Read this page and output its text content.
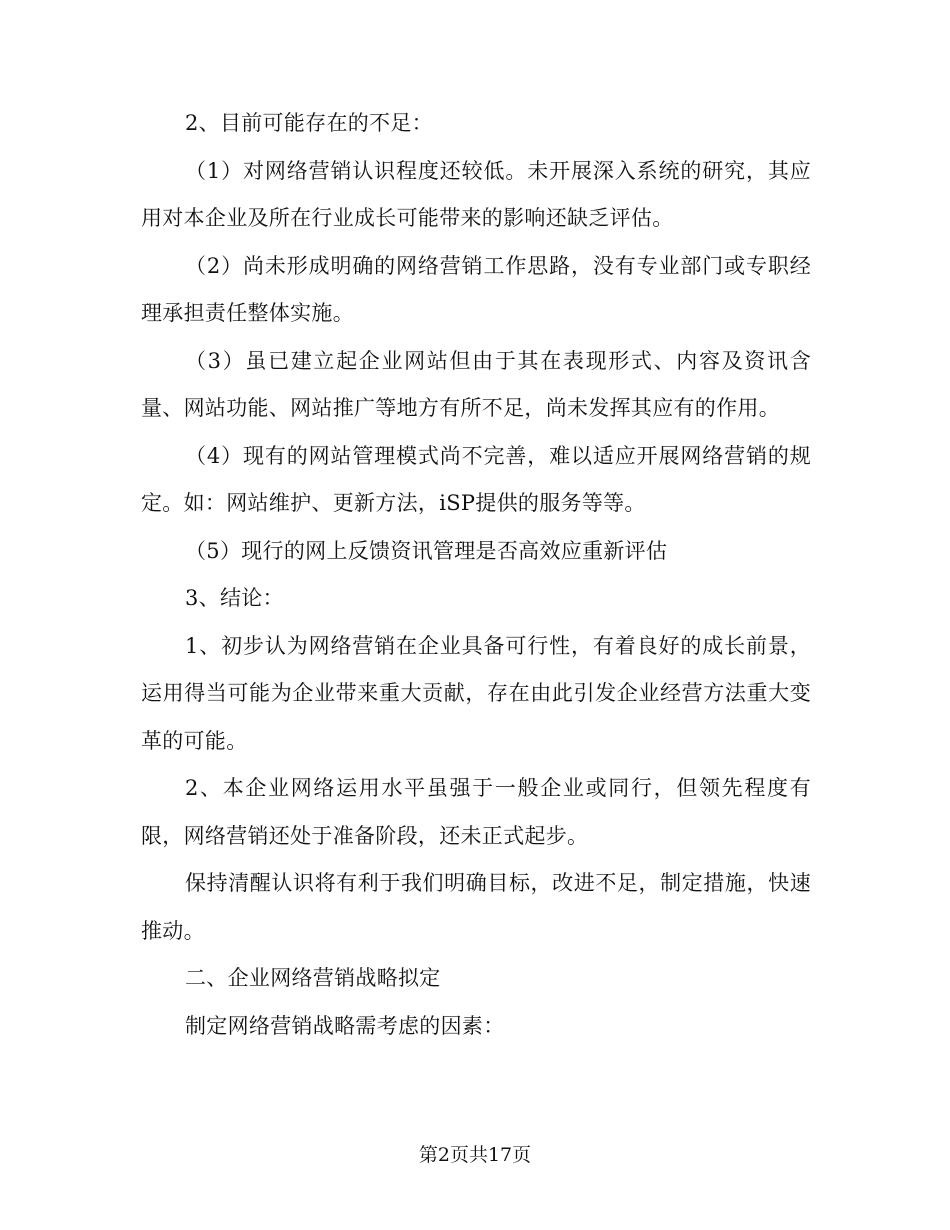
2、目前可能存在的不足：

（1）对网络营销认识程度还较低。未开展深入系统的研究，其应用对本企业及所在行业成长可能带来的影响还缺乏评估。

（2）尚未形成明确的网络营销工作思路，没有专业部门或专职经理承担责任整体实施。

（3）虽已建立起企业网站但由于其在表现形式、内容及资讯含量、网站功能、网站推广等地方有所不足，尚未发挥其应有的作用。

（4）现有的网站管理模式尚不完善，难以适应开展网络营销的规定。如：网站维护、更新方法，iSP提供的服务等等。

（5）现行的网上反馈资讯管理是否高效应重新评估

3、结论：

1、初步认为网络营销在企业具备可行性，有着良好的成长前景，运用得当可能为企业带来重大贡献，存在由此引发企业经营方法重大变革的可能。

2、本企业网络运用水平虽强于一般企业或同行，但领先程度有限，网络营销还处于准备阶段，还未正式起步。

保持清醒认识将有利于我们明确目标，改进不足，制定措施，快速推动。

二、企业网络营销战略拟定

制定网络营销战略需考虑的因素：

第2页共17页
